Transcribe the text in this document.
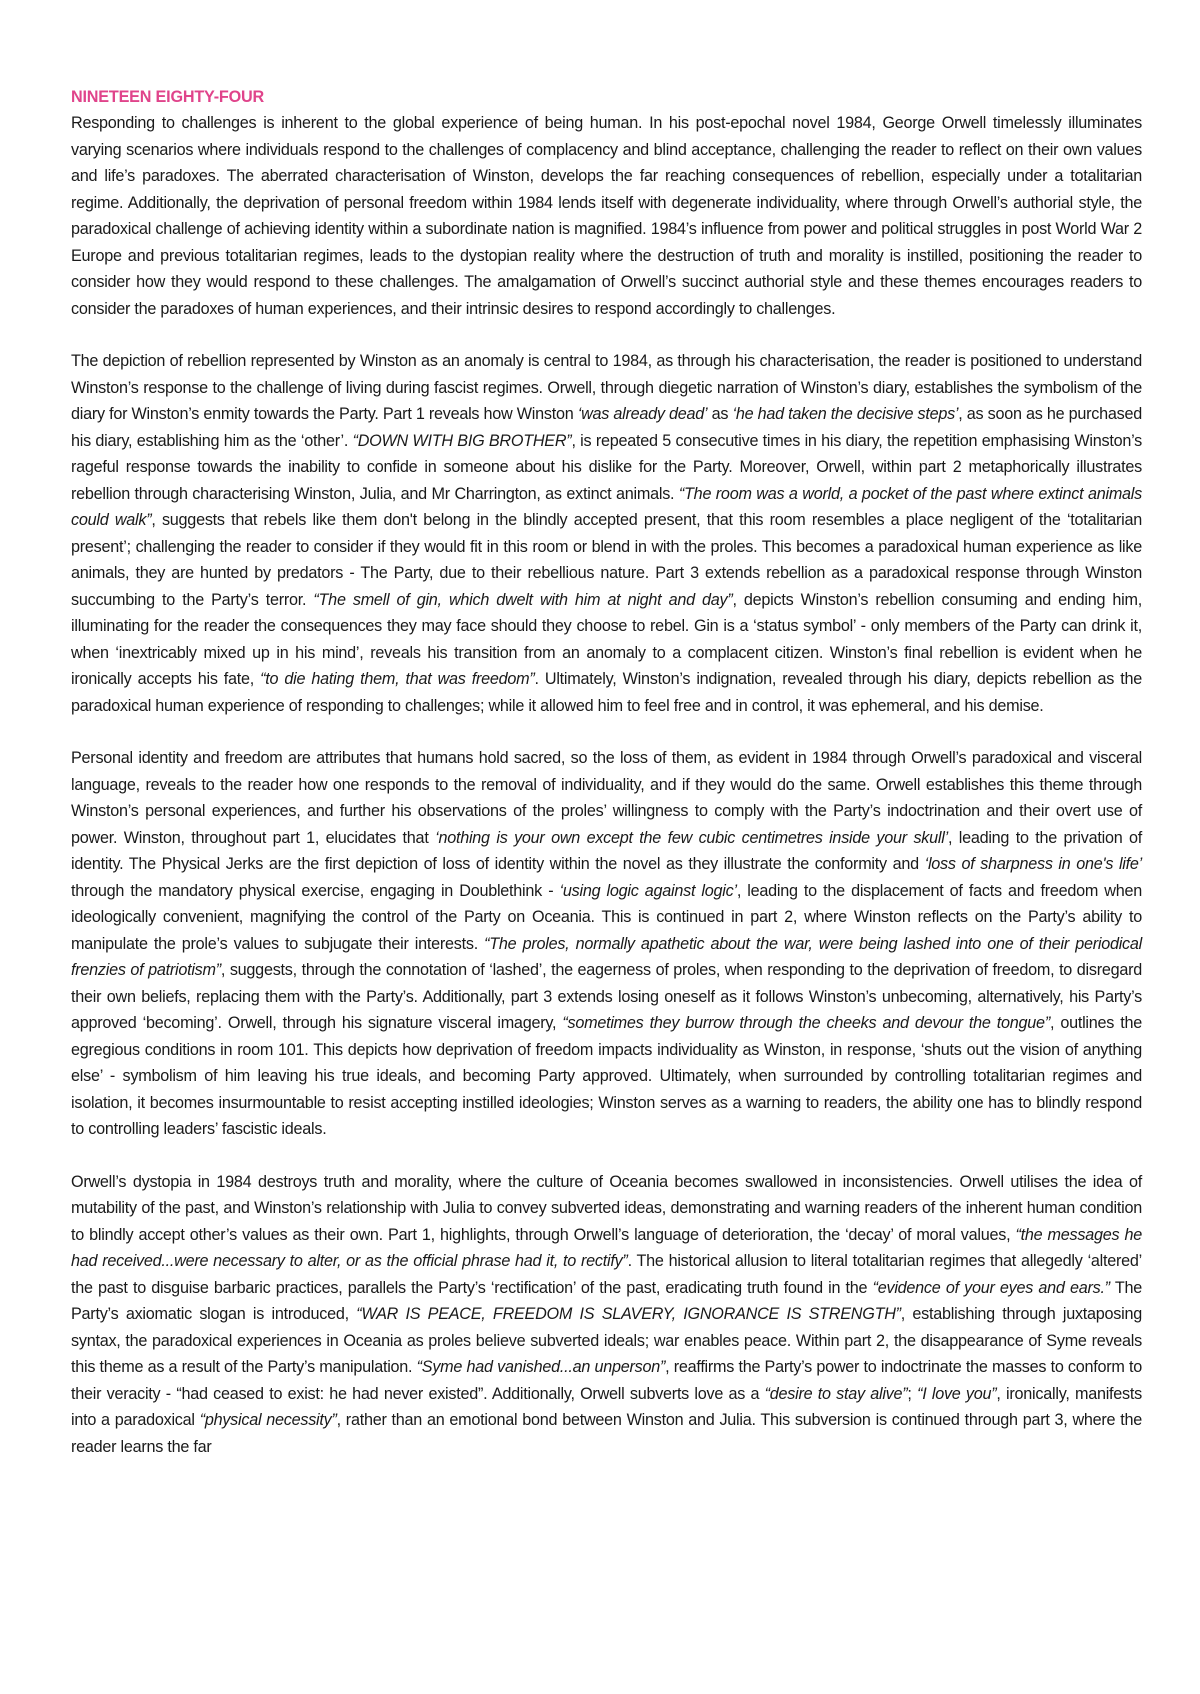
NINETEEN EIGHTY-FOUR

Responding to challenges is inherent to the global experience of being human. In his post-epochal novel 1984, George Orwell timelessly illuminates varying scenarios where individuals respond to the challenges of complacency and blind acceptance, challenging the reader to reflect on their own values and life’s paradoxes. The aberrated characterisation of Winston, develops the far reaching consequences of rebellion, especially under a totalitarian regime. Additionally, the deprivation of personal freedom within 1984 lends itself with degenerate individuality, where through Orwell’s authorial style, the paradoxical challenge of achieving identity within a subordinate nation is magnified. 1984’s influence from power and political struggles in post World War 2 Europe and previous totalitarian regimes, leads to the dystopian reality where the destruction of truth and morality is instilled, positioning the reader to consider how they would respond to these challenges. The amalgamation of Orwell’s succinct authorial style and these themes encourages readers to consider the paradoxes of human experiences, and their intrinsic desires to respond accordingly to challenges.

The depiction of rebellion represented by Winston as an anomaly is central to 1984, as through his characterisation, the reader is positioned to understand Winston’s response to the challenge of living during fascist regimes. Orwell, through diegetic narration of Winston’s diary, establishes the symbolism of the diary for Winston’s enmity towards the Party. Part 1 reveals how Winston ‘was already dead’ as ‘he had taken the decisive steps’, as soon as he purchased his diary, establishing him as the ‘other’. “DOWN WITH BIG BROTHER”, is repeated 5 consecutive times in his diary, the repetition emphasising Winston’s rageful response towards the inability to confide in someone about his dislike for the Party. Moreover, Orwell, within part 2 metaphorically illustrates rebellion through characterising Winston, Julia, and Mr Charrington, as extinct animals. “The room was a world, a pocket of the past where extinct animals could walk”, suggests that rebels like them don't belong in the blindly accepted present, that this room resembles a place negligent of the ‘totalitarian present’; challenging the reader to consider if they would fit in this room or blend in with the proles. This becomes a paradoxical human experience as like animals, they are hunted by predators - The Party, due to their rebellious nature. Part 3 extends rebellion as a paradoxical response through Winston succumbing to the Party’s terror. “The smell of gin, which dwelt with him at night and day”, depicts Winston’s rebellion consuming and ending him, illuminating for the reader the consequences they may face should they choose to rebel. Gin is a ‘status symbol’ - only members of the Party can drink it, when ‘inextricably mixed up in his mind’, reveals his transition from an anomaly to a complacent citizen. Winston’s final rebellion is evident when he ironically accepts his fate, “to die hating them, that was freedom”. Ultimately, Winston’s indignation, revealed through his diary, depicts rebellion as the paradoxical human experience of responding to challenges; while it allowed him to feel free and in control, it was ephemeral, and his demise.

Personal identity and freedom are attributes that humans hold sacred, so the loss of them, as evident in 1984 through Orwell’s paradoxical and visceral language, reveals to the reader how one responds to the removal of individuality, and if they would do the same. Orwell establishes this theme through Winston’s personal experiences, and further his observations of the proles’ willingness to comply with the Party’s indoctrination and their overt use of power. Winston, throughout part 1, elucidates that ‘nothing is your own except the few cubic centimetres inside your skull’, leading to the privation of identity. The Physical Jerks are the first depiction of loss of identity within the novel as they illustrate the conformity and ‘loss of sharpness in one's life’ through the mandatory physical exercise, engaging in Doublethink - ‘using logic against logic’, leading to the displacement of facts and freedom when ideologically convenient, magnifying the control of the Party on Oceania. This is continued in part 2, where Winston reflects on the Party’s ability to manipulate the prole’s values to subjugate their interests. “The proles, normally apathetic about the war, were being lashed into one of their periodical frenzies of patriotism”, suggests, through the connotation of ‘lashed’, the eagerness of proles, when responding to the deprivation of freedom, to disregard their own beliefs, replacing them with the Party’s. Additionally, part 3 extends losing oneself as it follows Winston’s unbecoming, alternatively, his Party’s approved ‘becoming’. Orwell, through his signature visceral imagery, “sometimes they burrow through the cheeks and devour the tongue”, outlines the egregious conditions in room 101. This depicts how deprivation of freedom impacts individuality as Winston, in response, ‘shuts out the vision of anything else’ - symbolism of him leaving his true ideals, and becoming Party approved. Ultimately, when surrounded by controlling totalitarian regimes and isolation, it becomes insurmountable to resist accepting instilled ideologies; Winston serves as a warning to readers, the ability one has to blindly respond to controlling leaders’ fascistic ideals.

Orwell’s dystopia in 1984 destroys truth and morality, where the culture of Oceania becomes swallowed in inconsistencies. Orwell utilises the idea of mutability of the past, and Winston’s relationship with Julia to convey subverted ideas, demonstrating and warning readers of the inherent human condition to blindly accept other’s values as their own. Part 1, highlights, through Orwell’s language of deterioration, the ‘decay’ of moral values, “the messages he had received...were necessary to alter, or as the official phrase had it, to rectify”. The historical allusion to literal totalitarian regimes that allegedly ‘altered’ the past to disguise barbaric practices, parallels the Party’s ‘rectification’ of the past, eradicating truth found in the “evidence of your eyes and ears.” The Party’s axiomatic slogan is introduced, “WAR IS PEACE, FREEDOM IS SLAVERY, IGNORANCE IS STRENGTH”, establishing through juxtaposing syntax, the paradoxical experiences in Oceania as proles believe subverted ideals; war enables peace. Within part 2, the disappearance of Syme reveals this theme as a result of the Party’s manipulation. “Syme had vanished...an unperson”, reaffirms the Party’s power to indoctrinate the masses to conform to their veracity - “had ceased to exist: he had never existed”. Additionally, Orwell subverts love as a “desire to stay alive”; “I love you”, ironically, manifests into a paradoxical “physical necessity”, rather than an emotional bond between Winston and Julia. This subversion is continued through part 3, where the reader learns the far
